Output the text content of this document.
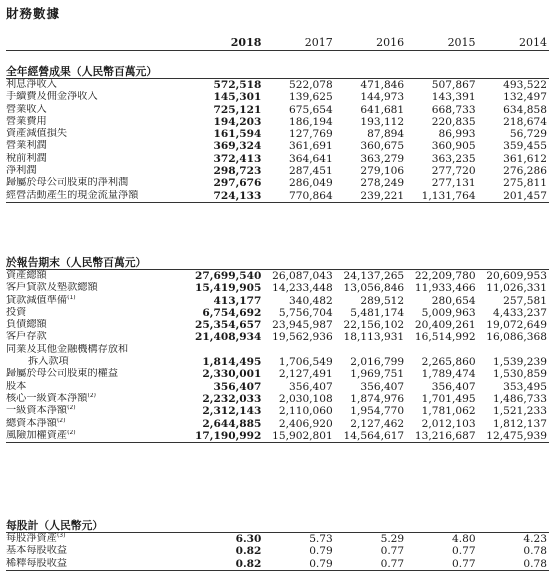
財務數據
	2018	2017	2016	2015	2014
全年經營成果（人民幣百萬元）					
利息淨收入	572,518	522,078	471,846	507,867	493,522
手續費及佣金淨收入	145,301	139,625	144,973	143,391	132,497
營業收入	725,121	675,654	641,681	668,733	634,858
營業費用	194,203	186,194	193,112	220,835	218,674
資產減值損失	161,594	127,769	87,894	86,993	56,729
營業利潤	369,324	361,691	360,675	360,905	359,455
稅前利潤	372,413	364,641	363,279	363,235	361,612
淨利潤	298,723	287,451	279,106	277,720	276,286
歸屬於母公司股東的淨利潤	297,676	286,049	278,249	277,131	275,811
經營活動產生的現金流量淨額	724,133	770,864	239,221	1,131,764	201,457
於報告期末（人民幣百萬元）					
資產總額	27,699,540	26,087,043	24,137,265	22,209,780	20,609,953
客戶貸款及墊款總額	15,419,905	14,233,448	13,056,846	11,933,466	11,026,331
貸款減值準備$^{(1)}$	413,177	340,482	289,512	280,654	257,581
投資	6,754,692	5,756,704	5,481,174	5,009,963	4,433,237
負債總額	25,354,657	23,945,987	22,156,102	20,409,261	19,072,649
客戶存款	21,408,934	19,562,936	18,113,931	16,514,992	16,086,368
同業及其他金融機構存放和					
拆入款項	1,814,495	1,706,549	2,016,799	2,265,860	1,539,239
歸屬於母公司股東的權益	2,330,001	2,127,491	1,969,751	1,789,474	1,530,859
股本	356,407	356,407	356,407	356,407	353,495
核心一級資本淨額$^{(2)}$	2,232,033	2,030,108	1,874,976	1,701,495	1,486,733
一級資本淨額$^{(2)}$	2,312,143	2,110,060	1,954,770	1,781,062	1,521,233
總資本淨額$^{(2)}$	2,644,885	2,406,920	2,127,462	2,012,103	1,812,137
風險加權資產$^{(2)}$	17,190,992	15,902,801	14,564,617	13,216,687	12,475,939
每股計（人民幣元）					
每股淨資產$^{(3)}$	6.30	5.73	5.29	4.80	4.23
基本每股收益	0.82	0.79	0.77	0.77	0.78
稀釋每股收益	0.82	0.79	0.77	0.77	0.78
